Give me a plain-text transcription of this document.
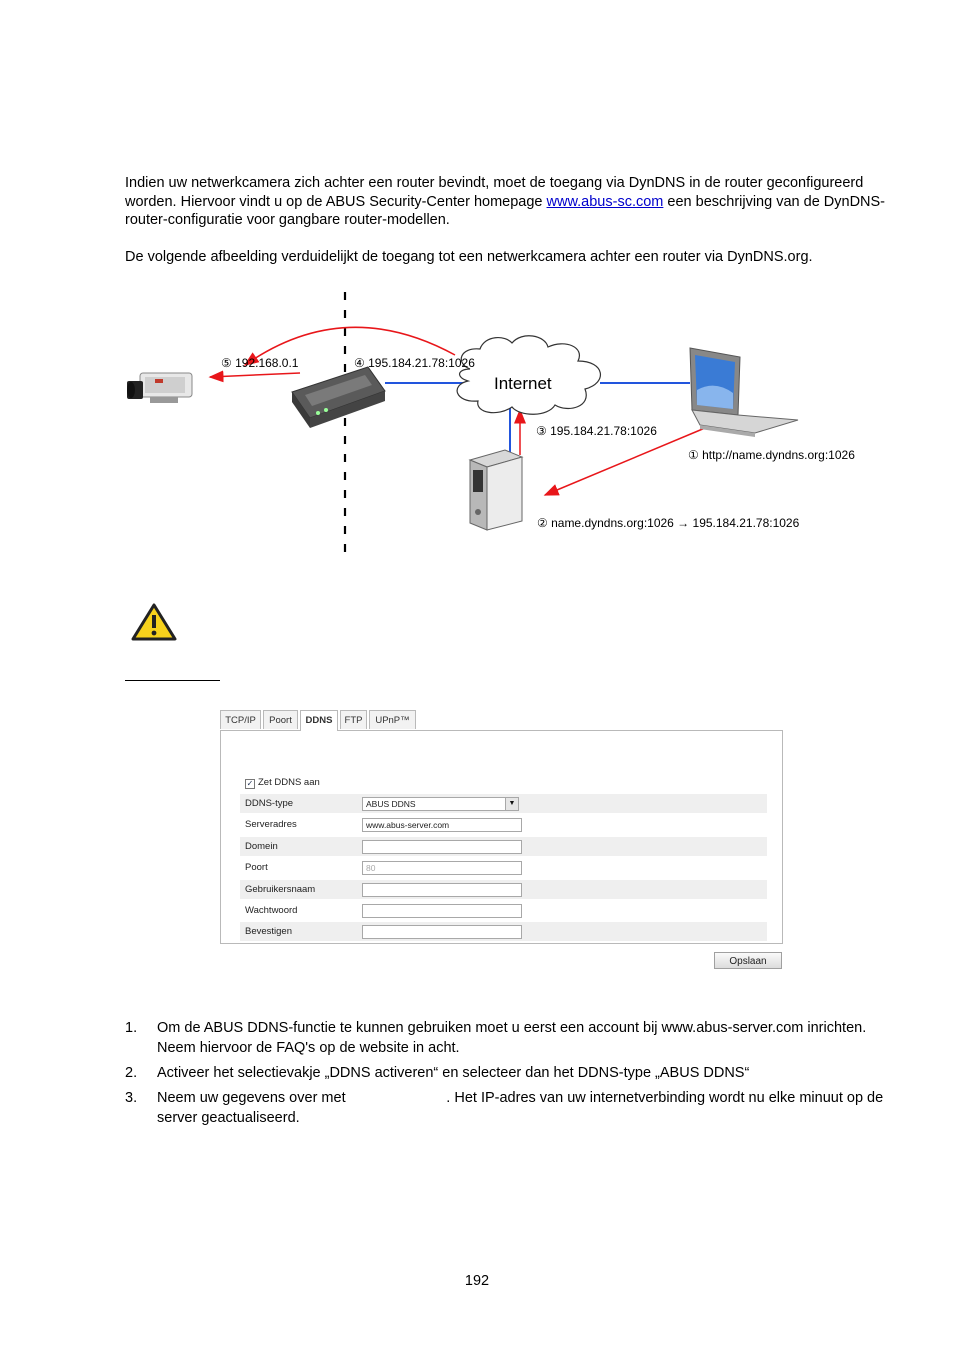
Indien uw netwerkcamera zich achter een router bevindt, moet de toegang via DynDNS in de router geconfigureerd worden. Hiervoor vindt u op de ABUS Security-Center homepage www.abus-sc.com een beschrijving van de DynDNS-router-configuratie voor gangbare router-modellen.
De volgende afbeelding verduidelijkt de toegang tot een netwerkcamera achter een router via DynDNS.org.
⑤ 192.168.0.1	④ 195.184.21.78:1026
Internet
③ 195.184.21.78:1026
① http://name.dyndns.org:1026
② name.dyndns.org:1026 → 195.184.21.78:1026
TCP/IP	Poort	DDNS	FTP	UPnP™
✓ Zet DDNS aan
DDNS-type	ABUS DDNS	▼
Serveradres	www.abus-server.com
Domein
Poort	80
Gebruikersnaam
Wachtwoord
Bevestigen
Opslaan
1. Om de ABUS DDNS-functie te kunnen gebruiken moet u eerst een account bij www.abus-server.com inrichten. Neem hiervoor de FAQ's op de website in acht.
2. Activeer het selectievakje „DDNS activeren“ en selecteer dan het DDNS-type „ABUS DDNS“
3. Neem uw gegevens over met                         . Het IP-adres van uw internetverbinding wordt nu elke minuut op de server geactualiseerd.
192
